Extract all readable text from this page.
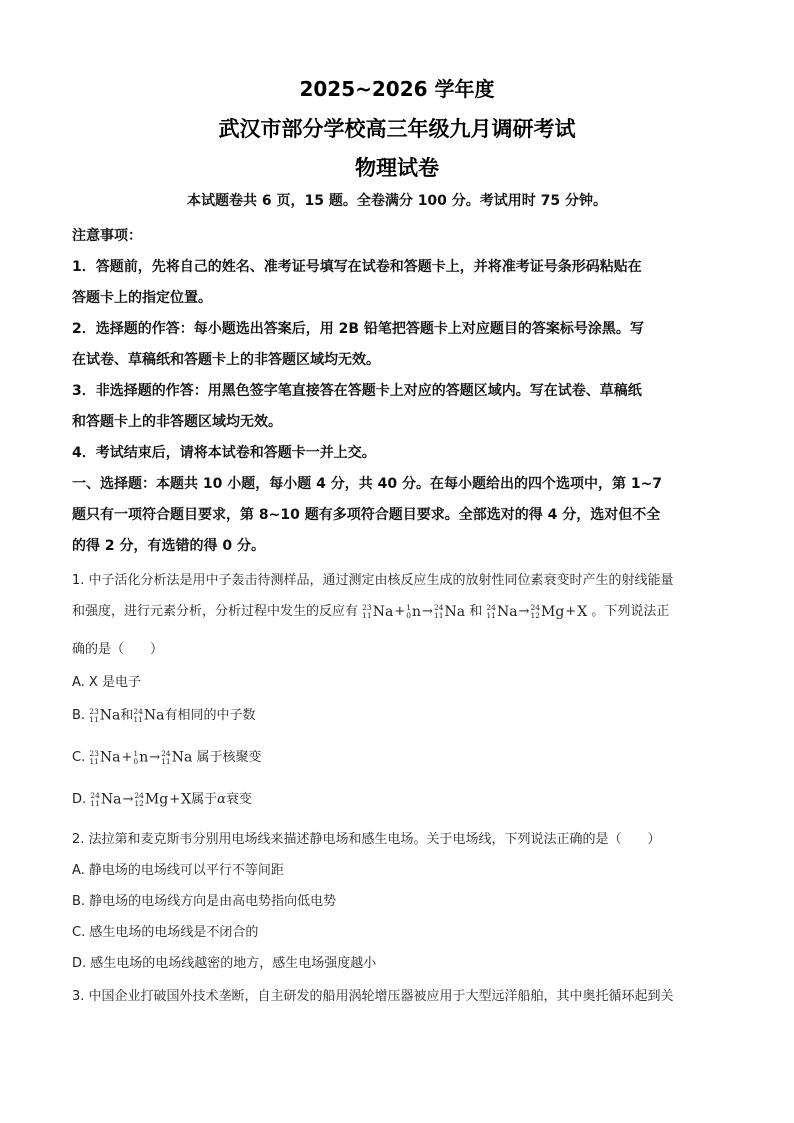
2025~2026 学年度
武汉市部分学校高三年级九月调研考试
物理试卷
本试题卷共 6 页，15 题。全卷满分 100 分。考试用时 75 分钟。
注意事项：
1．答题前，先将自己的姓名、准考证号填写在试卷和答题卡上，并将准考证号条形码粘贴在
答题卡上的指定位置。
2．选择题的作答：每小题选出答案后，用 2B 铅笔把答题卡上对应题目的答案标号涂黑。写
在试卷、草稿纸和答题卡上的非答题区域均无效。
3．非选择题的作答：用黑色签字笔直接答在答题卡上对应的答题区域内。写在试卷、草稿纸
和答题卡上的非答题区域均无效。
4．考试结束后，请将本试卷和答题卡一并上交。
一、选择题：本题共 10 小题，每小题 4 分，共 40 分。在每小题给出的四个选项中，第 1~7
题只有一项符合题目要求，第 8~10 题有多项符合题目要求。全部选对的得 4 分，选对但不全
的得 2 分，有选错的得 0 分。
1. 中子活化分析法是用中子轰击待测样品，通过测定由核反应生成的放射性同位素衰变时产生的射线能量
和强度，进行元素分析，分析过程中发生的反应有 23
11 Na+ 1
0 n→ 24
11 Na 和 24
11 Na→ 24
12 Mg+X 。下列说法正
确的是（　　）
A. X 是电子
B. 23
11 Na和 24
11 Na有相同的中子数
C. 23
11 Na+ 1
0 n→ 24
11 Na 属于核聚变
D. 24
11 Na→ 24
12 Mg+X属于α衰变
2. 法拉第和麦克斯韦分别用电场线来描述静电场和感生电场。关于电场线，下列说法正确的是（　　）
A. 静电场的电场线可以平行不等间距
B. 静电场的电场线方向是由高电势指向低电势
C. 感生电场的电场线是不闭合的
D. 感生电场的电场线越密的地方，感生电场强度越小
3. 中国企业打破国外技术垄断，自主研发的船用涡轮增压器被应用于大型远洋船舶，其中奥托循环起到关
